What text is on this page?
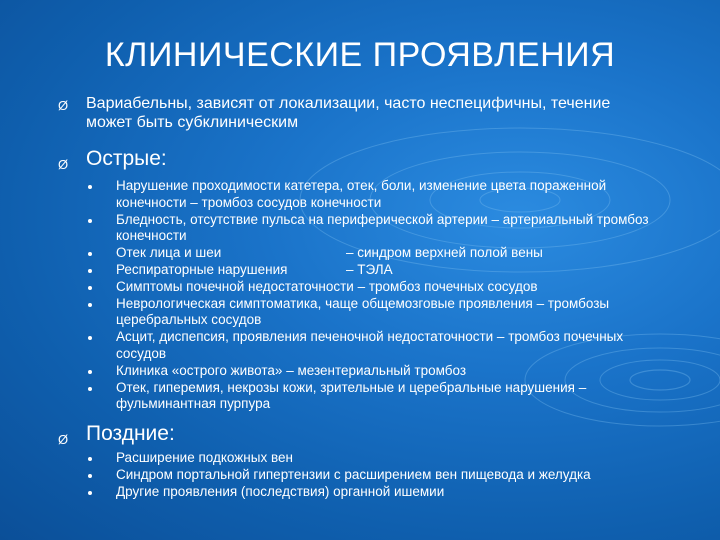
КЛИНИЧЕСКИЕ ПРОЯВЛЕНИЯ
Ø Вариабельны, зависят от локализации, часто неспецифичны, течение
может быть субклиническим
Ø Острые:
Нарушение проходимости катетера, отек, боли, изменение цвета пораженной
конечности – тромбоз сосудов конечности
Бледность, отсутствие пульса на периферической артерии – артериальный тромбоз
конечности
Отек лица и шеи	– синдром верхней полой вены
Респираторные нарушения	– ТЭЛА
Симптомы почечной недостаточности – тромбоз почечных сосудов
Неврологическая симптоматика, чаще общемозговые проявления – тромбозы
церебральных сосудов
Асцит, диспепсия, проявления печеночной недостаточности – тромбоз почечных
сосудов
Клиника «острого живота» – мезентериальный тромбоз
Отек, гиперемия, некрозы кожи, зрительные и церебральные нарушения –
фульминантная пурпура
Ø Поздние:
Расширение подкожных вен
Синдром портальной гипертензии с расширением вен пищевода и желудка
Другие проявления (последствия) органной ишемии
